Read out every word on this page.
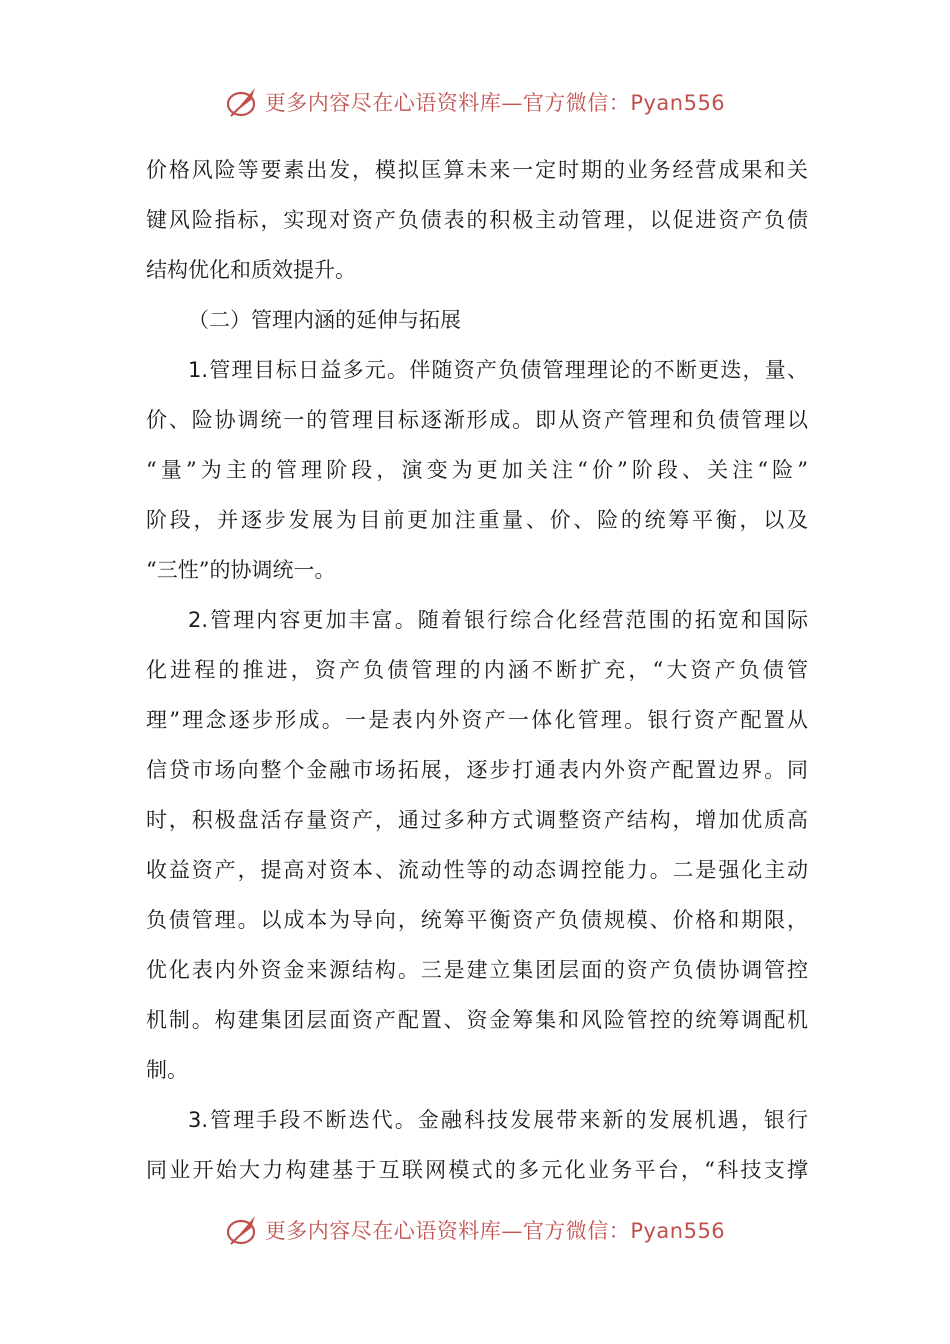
更多内容尽在心语资料库—官方微信：Pyan556
价格风险等要素出发，模拟匡算未来一定时期的业务经营成果和关
键风险指标，实现对资产负债表的积极主动管理，以促进资产负债
结构优化和质效提升。
（二）管理内涵的延伸与拓展
1.管理目标日益多元。伴随资产负债管理理论的不断更迭，量、
价、险协调统一的管理目标逐渐形成。即从资产管理和负债管理以
“量”为主的管理阶段，演变为更加关注“价”阶段、关注“险”
阶段，并逐步发展为目前更加注重量、价、险的统筹平衡，以及
“三性”的协调统一。
2.管理内容更加丰富。随着银行综合化经营范围的拓宽和国际
化进程的推进，资产负债管理的内涵不断扩充，“大资产负债管
理”理念逐步形成。一是表内外资产一体化管理。银行资产配置从
信贷市场向整个金融市场拓展，逐步打通表内外资产配置边界。同
时，积极盘活存量资产，通过多种方式调整资产结构，增加优质高
收益资产，提高对资本、流动性等的动态调控能力。二是强化主动
负债管理。以成本为导向，统筹平衡资产负债规模、价格和期限，
优化表内外资金来源结构。三是建立集团层面的资产负债协调管控
机制。构建集团层面资产配置、资金筹集和风险管控的统筹调配机
制。
3.管理手段不断迭代。金融科技发展带来新的发展机遇，银行
同业开始大力构建基于互联网模式的多元化业务平台，“科技支撑
更多内容尽在心语资料库—官方微信：Pyan556
